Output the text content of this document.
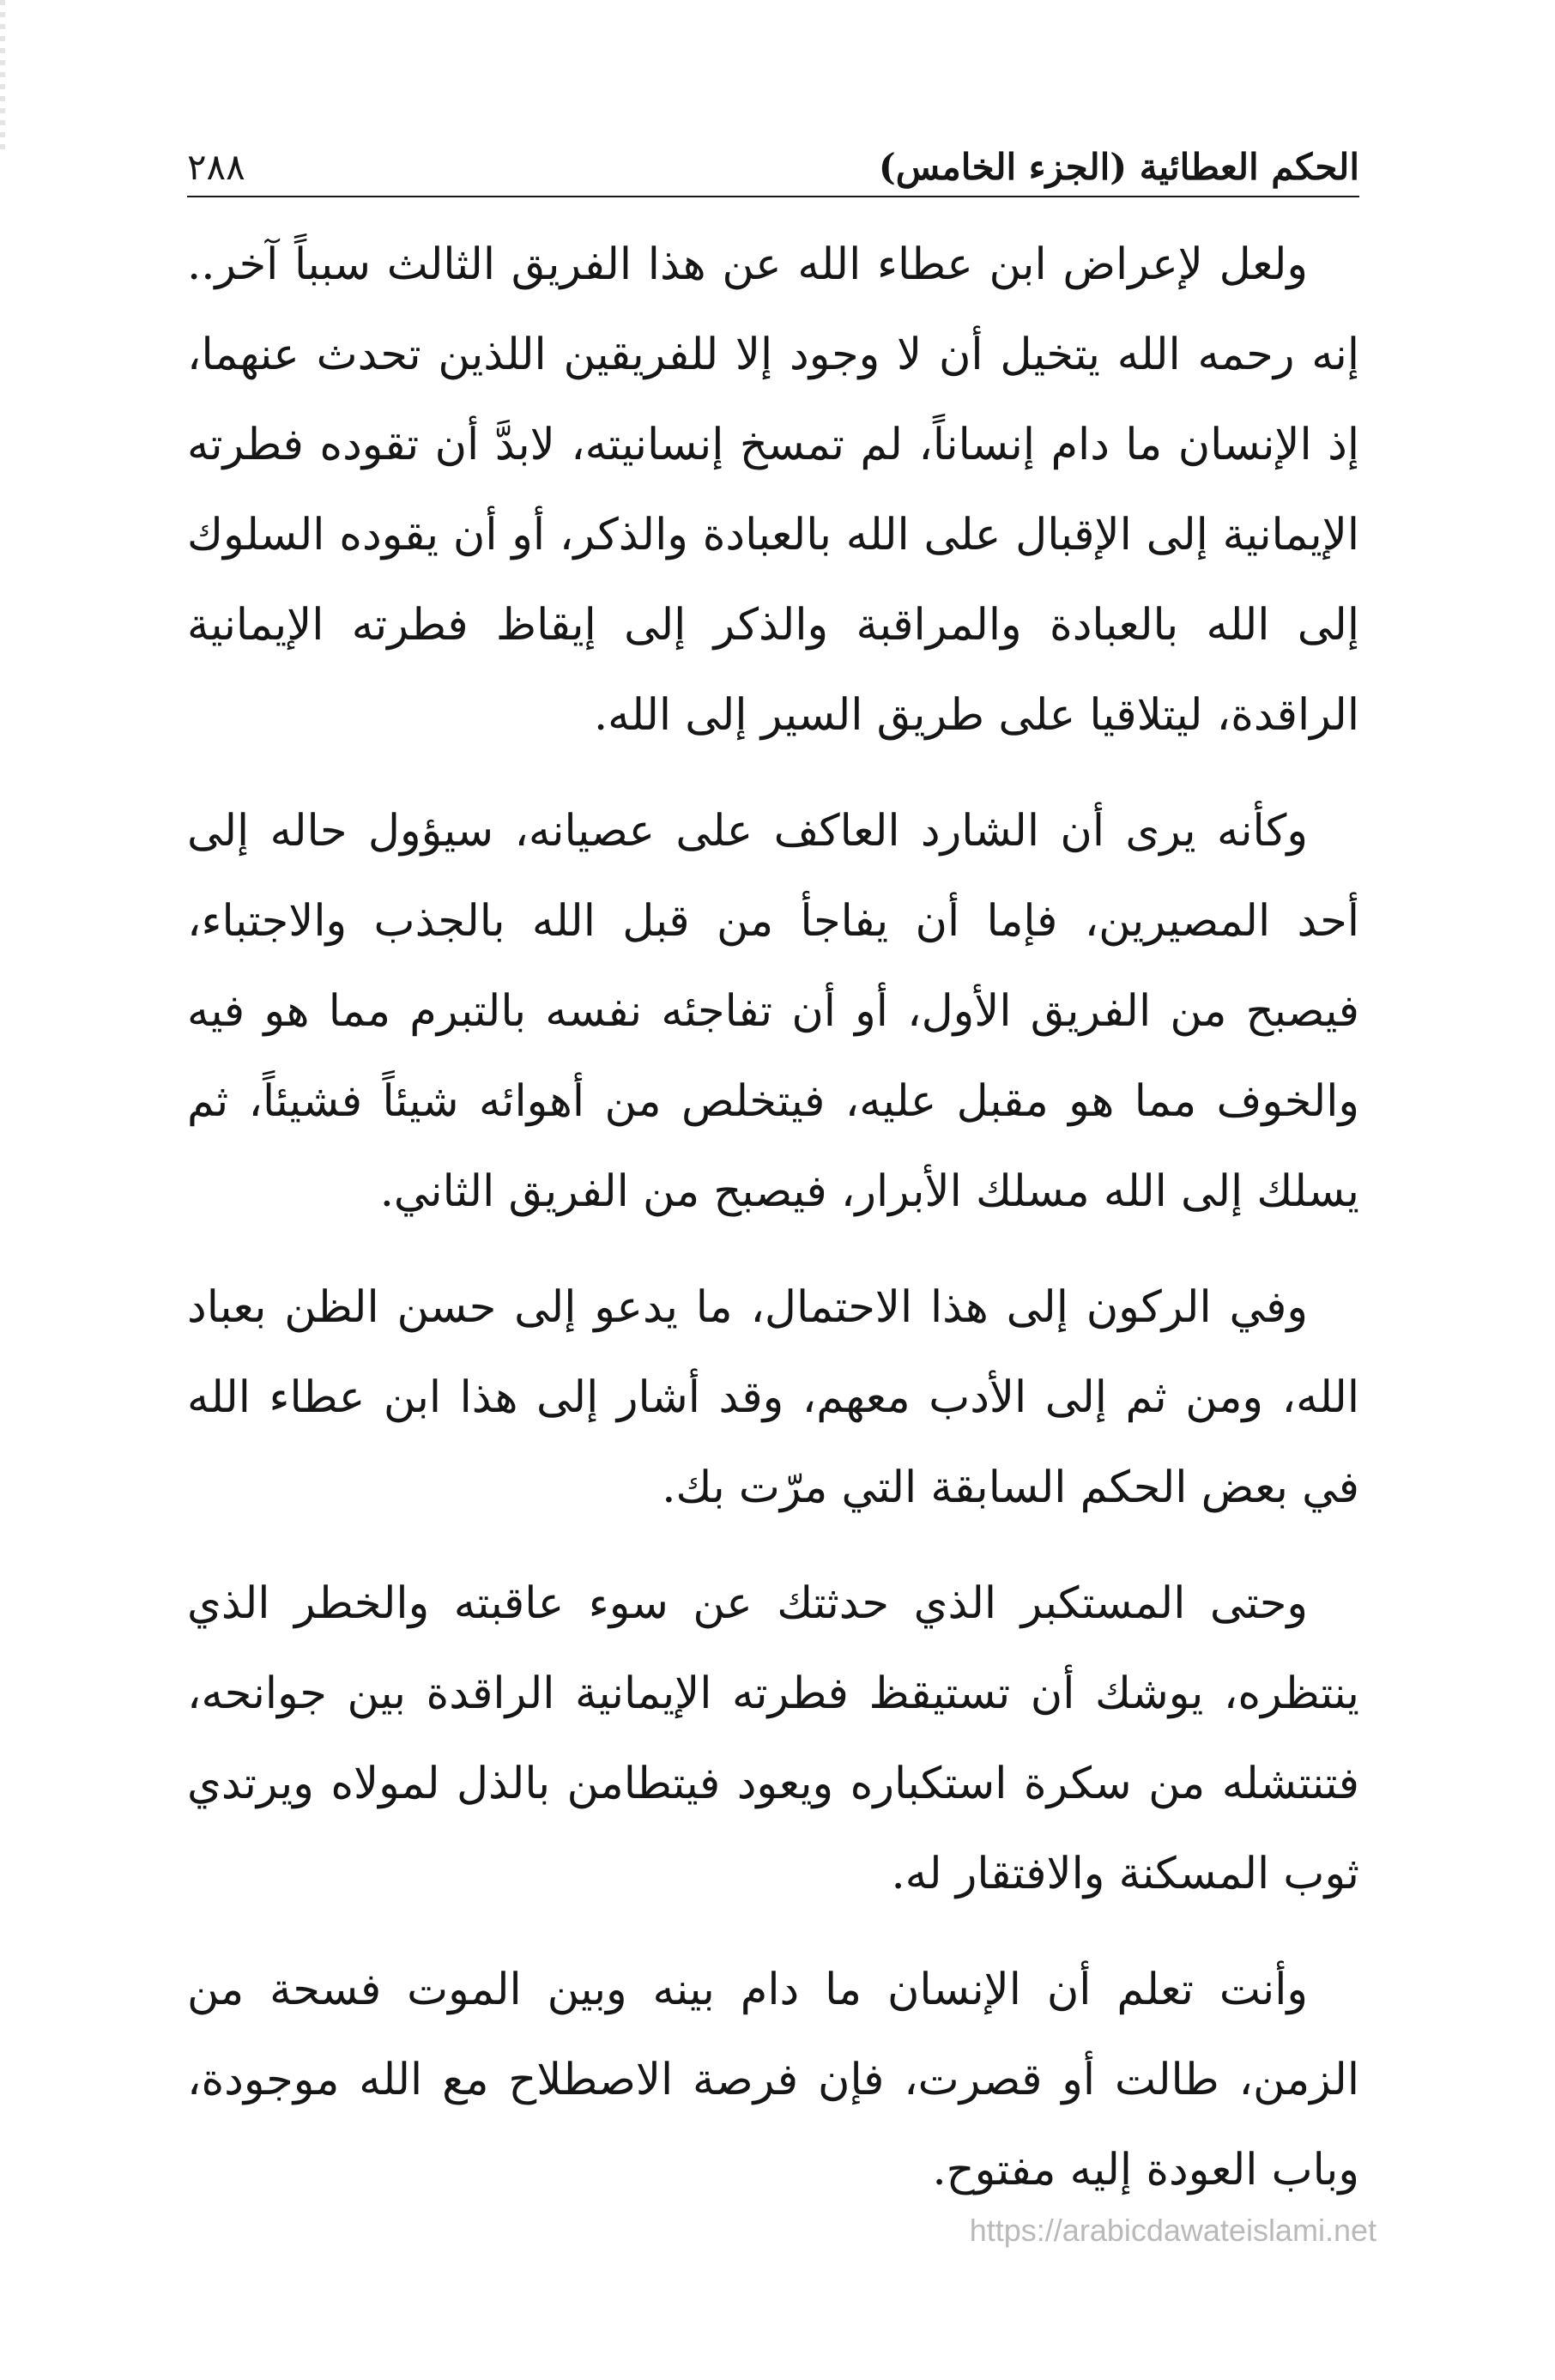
الحكم العطائية (الجزء الخامس)
٢٨٨

ولعل لإعراض ابن عطاء الله عن هذا الفريق الثالث سبباً آخر.. إنه رحمه الله يتخيل أن لا وجود إلا للفريقين اللذين تحدث عنهما، إذ الإنسان ما دام إنساناً، لم تمسخ إنسانيته، لابدَّ أن تقوده فطرته الإيمانية إلى الإقبال على الله بالعبادة والذكر، أو أن يقوده السلوك إلى الله بالعبادة والمراقبة والذكر إلى إيقاظ فطرته الإيمانية الراقدة، ليتلاقيا على طريق السير إلى الله.

وكأنه يرى أن الشارد العاكف على عصيانه، سيؤول حاله إلى أحد المصيرين، فإما أن يفاجأ من قبل الله بالجذب والاجتباء، فيصبح من الفريق الأول، أو أن تفاجئه نفسه بالتبرم مما هو فيه والخوف مما هو مقبل عليه، فيتخلص من أهوائه شيئاً فشيئاً، ثم يسلك إلى الله مسلك الأبرار، فيصبح من الفريق الثاني.

وفي الركون إلى هذا الاحتمال، ما يدعو إلى حسن الظن بعباد الله، ومن ثم إلى الأدب معهم، وقد أشار إلى هذا ابن عطاء الله في بعض الحكم السابقة التي مرّت بك.

وحتى المستكبر الذي حدثتك عن سوء عاقبته والخطر الذي ينتظره، يوشك أن تستيقظ فطرته الإيمانية الراقدة بين جوانحه، فتنتشله من سكرة استكباره ويعود فيتطامن بالذل لمولاه ويرتدي ثوب المسكنة والافتقار له.

وأنت تعلم أن الإنسان ما دام بينه وبين الموت فسحة من الزمن، طالت أو قصرت، فإن فرصة الاصطلاح مع الله موجودة، وباب العودة إليه مفتوح.

https://arabicdawateislami.net
